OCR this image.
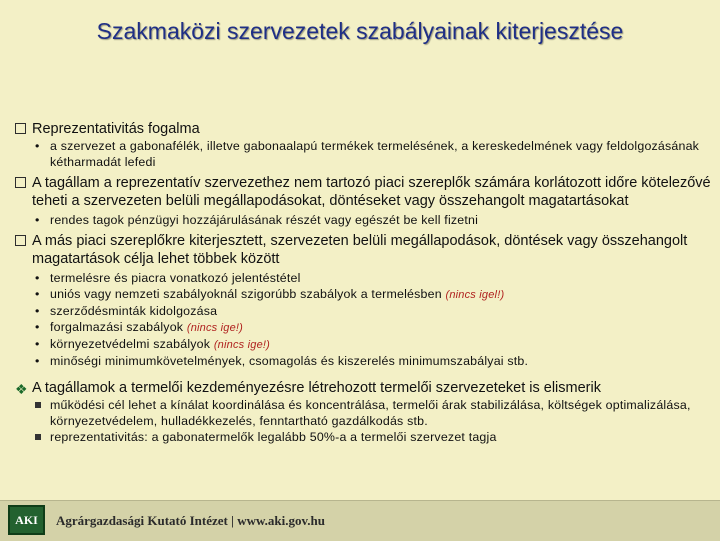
Szakmaközi szervezetek szabályainak kiterjesztése
Reprezentativitás fogalma
• a szervezet a gabonafélék, illetve gabonaalapú termékek termelésének, a kereskedelmének vagy feldolgozásának kétharmadát lefedi
A tagállam a reprezentatív szervezethez nem tartozó piaci szereplők számára korlátozott időre kötelezővé teheti a szervezeten belüli megállapodásokat, döntéseket vagy összehangolt magatartásokat
• rendes tagok pénzügyi hozzájárulásának részét vagy egészét be kell fizetni
A más piaci szereplőkre kiterjesztett, szervezeten belüli megállapodások, döntések vagy összehangolt magatartások célja lehet többek között
• termelésre és piacra vonatkozó jelentéstétel
• uniós vagy nemzeti szabályoknál szigorúbb szabályok a termelésben (nincs igel!)
• szerződésminták kidolgozása
• forgalmazási szabályok (nincs ige!)
• környezetvédelmi szabályok (nincs ige!)
• minőségi minimumkövetelmények, csomagolás és kiszerelés minimumszabályai stb.
❖ A tagállamok a termelői kezdeményezésre létrehozott termelői szervezeteket is elismerik
működési cél lehet a kínálat koordinálása és koncentrálása, termelői árak stabilizálása, költségek optimalizálása, környezetvédelem, hulladékkezelés, fenntartható gazdálkodás stb.
reprezentativitás: a gabonatermelők legalább 50%-a a termelői szervezet tagja
AKI	Agrárgazdasági Kutató Intézet | www.aki.gov.hu
